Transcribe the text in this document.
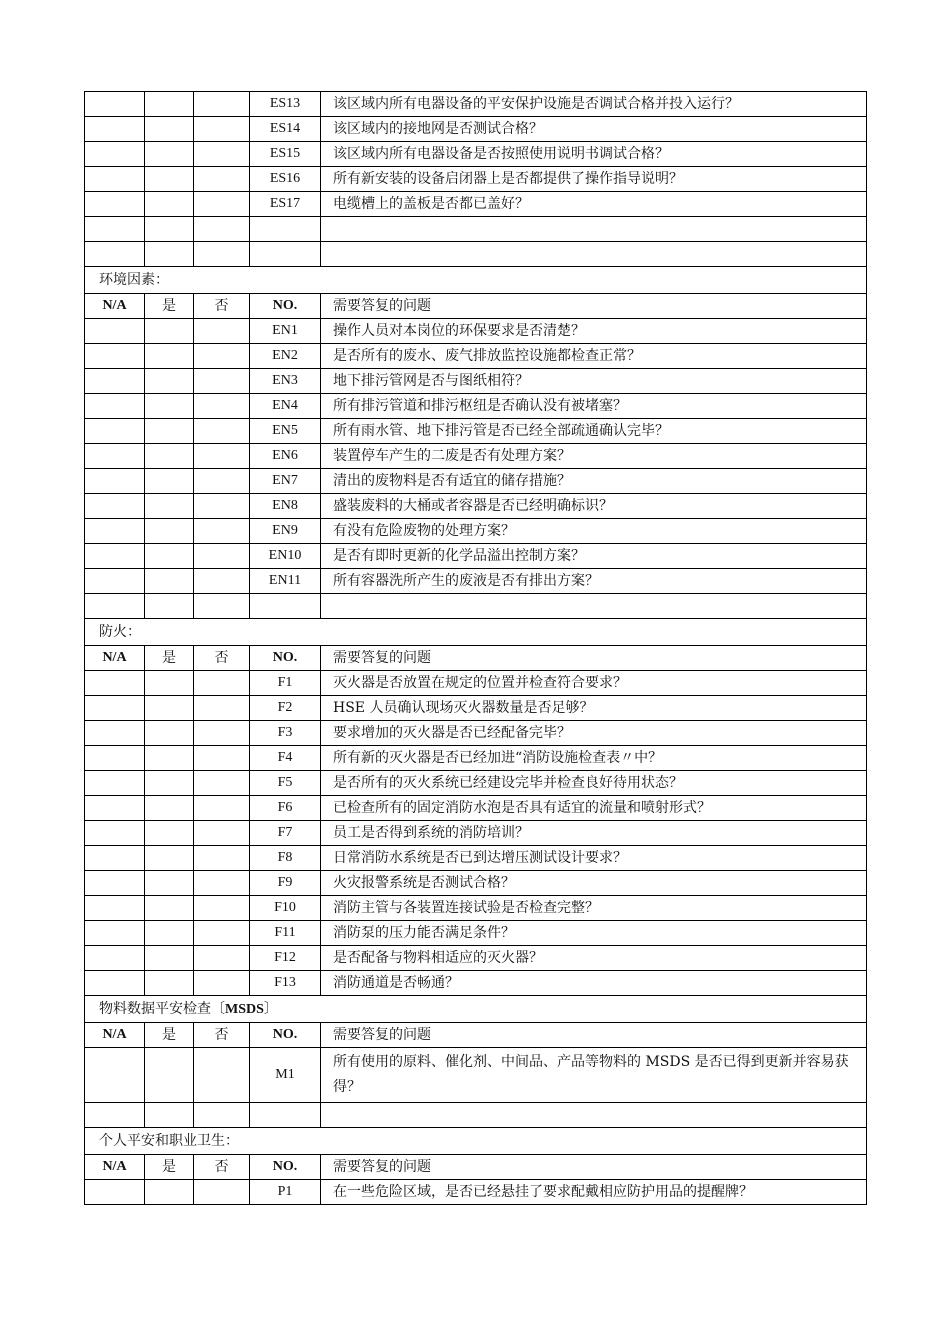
			ES13	该区域内所有电器设备的平安保护设施是否调试合格并投入运行？
			ES14	该区域内的接地网是否测试合格？
			ES15	该区域内所有电器设备是否按照使用说明书调试合格？
			ES16	所有新安装的设备启闭器上是否都提供了操作指导说明？
			ES17	电缆槽上的盖板是否都已盖好？

环境因素：				
N/A	是	否	NO.	需要答复的问题
			EN1	操作人员对本岗位的环保要求是否清楚？
			EN2	是否所有的废水、废气排放监控设施都检查正常？
			EN3	地下排污管网是否与图纸相符？
			EN4	所有排污管道和排污枢纽是否确认没有被堵塞？
			EN5	所有雨水管、地下排污管是否已经全部疏通确认完毕？
			EN6	装置停车产生的二废是否有处理方案？
			EN7	清出的废物料是否有适宜的储存措施？
			EN8	盛装废料的大桶或者容器是否已经明确标识？
			EN9	有没有危险废物的处理方案？
			EN10	是否有即时更新的化学品溢出控制方案？
			EN11	所有容器洗所产生的废液是否有排出方案？

防火：				
N/A	是	否	NO.	需要答复的问题
			F1	灭火器是否放置在规定的位置并检查符合要求？
			F2	HSE 人员确认现场灭火器数量是否足够？
			F3	要求增加的灭火器是否已经配备完毕？
			F4	所有新的灭火器是否已经加进“消防设施检查表〃中？
			F5	是否所有的灭火系统已经建设完毕并检查良好待用状态？
			F6	已检查所有的固定消防水泡是否具有适宜的流量和喷射形式？
			F7	员工是否得到系统的消防培训？
			F8	日常消防水系统是否已到达增压测试设计要求？
			F9	火灾报警系统是否测试合格？
			F10	消防主管与各装置连接试验是否检查完整？
			F11	消防泵的压力能否满足条件？
			F12	是否配备与物料相适应的灭火器？
			F13	消防通道是否畅通？
物料数据平安检查〔MSDS〕				
N/A	是	否	NO.	需要答复的问题
			M1	所有使用的原料、催化剂、中间品、产品等物料的 MSDS 是否已得到更新并容易获得？

个人平安和职业卫生：				
N/A	是	否	NO.	需要答复的问题
			P1	在一些危险区域，是否已经悬挂了要求配戴相应防护用品的提醒牌？
